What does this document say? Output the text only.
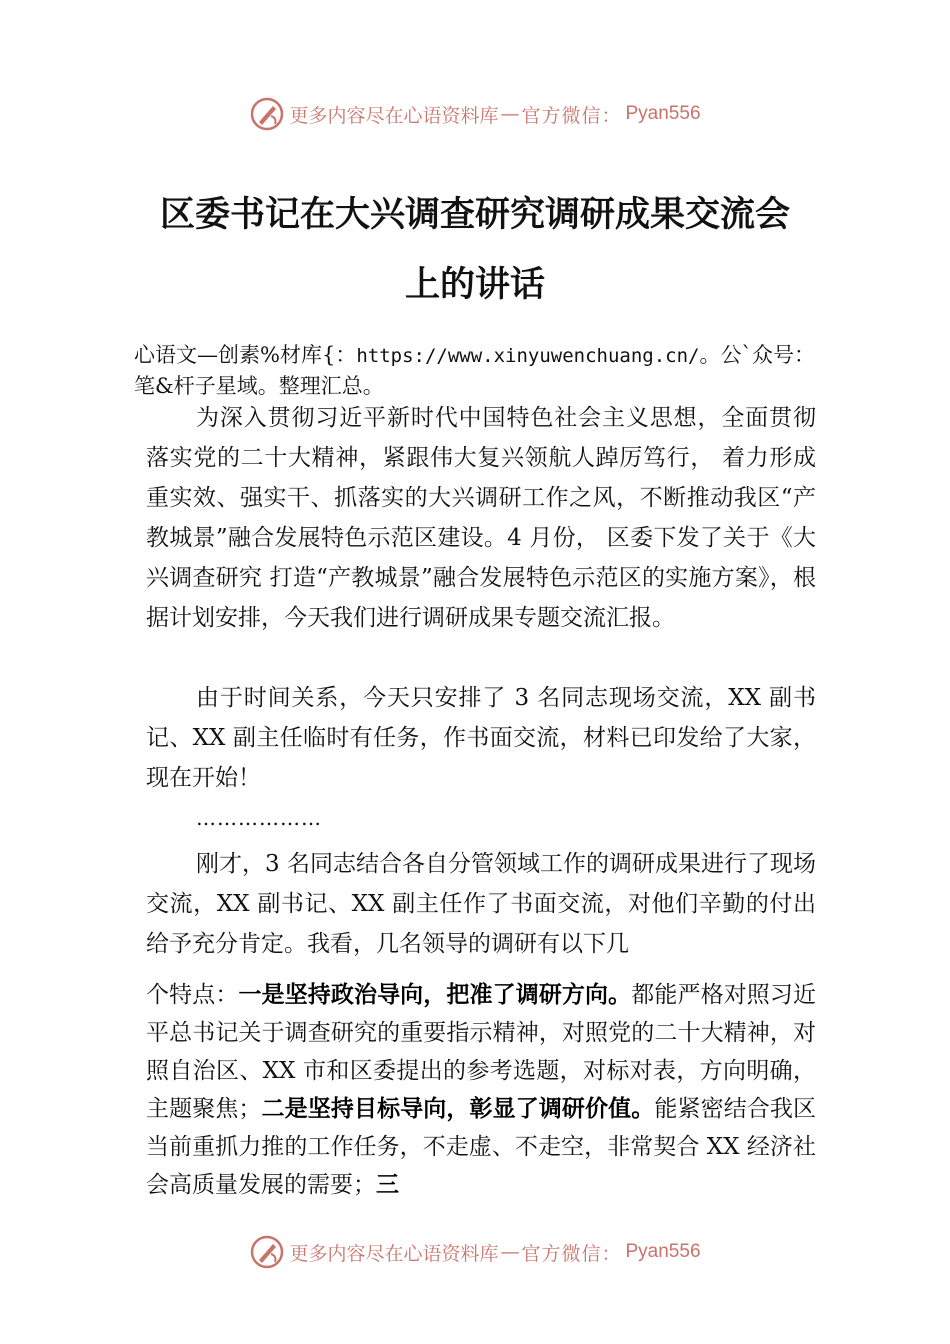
更多内容尽在心语资料库 — 官方微信： Pyan556
区委书记在大兴调查研究调研成果交流会
上的讲话
心语文—创素%材库{：https://www.xinyuwenchuang.cn/。公`众号：笔&杆子星域。整理汇总。
为深入贯彻习近平新时代中国特色社会主义思想，全面贯彻落实党的二十大精神，紧跟伟大复兴领航人踔厉笃行， 着力形成重实效、强实干、抓落实的大兴调研工作之风，不断推动我区“产教城景”融合发展特色示范区建设。4 月份， 区委下发了关于《大兴调查研究 打造“产教城景”融合发展特色示范区的实施方案》，根据计划安排，今天我们进行调研成果专题交流汇报。
由于时间关系，今天只安排了 3 名同志现场交流，XX 副书记、XX 副主任临时有任务，作书面交流，材料已印发给了大家，现在开始！
………………
刚才，3 名同志结合各自分管领域工作的调研成果进行了现场交流，XX 副书记、XX 副主任作了书面交流，对他们辛勤的付出给予充分肯定。我看，几名领导的调研有以下几
个特点：一是坚持政治导向，把准了调研方向。都能严格对照习近平总书记关于调查研究的重要指示精神，对照党的二十大精神，对照自治区、XX 市和区委提出的参考选题，对标对表，方向明确，主题聚焦；二是坚持目标导向，彰显了调研价值。能紧密结合我区当前重抓力推的工作任务，不走虚、不走空，非常契合 XX 经济社会高质量发展的需要；三
更多内容尽在心语资料库 — 官方微信： Pyan556
